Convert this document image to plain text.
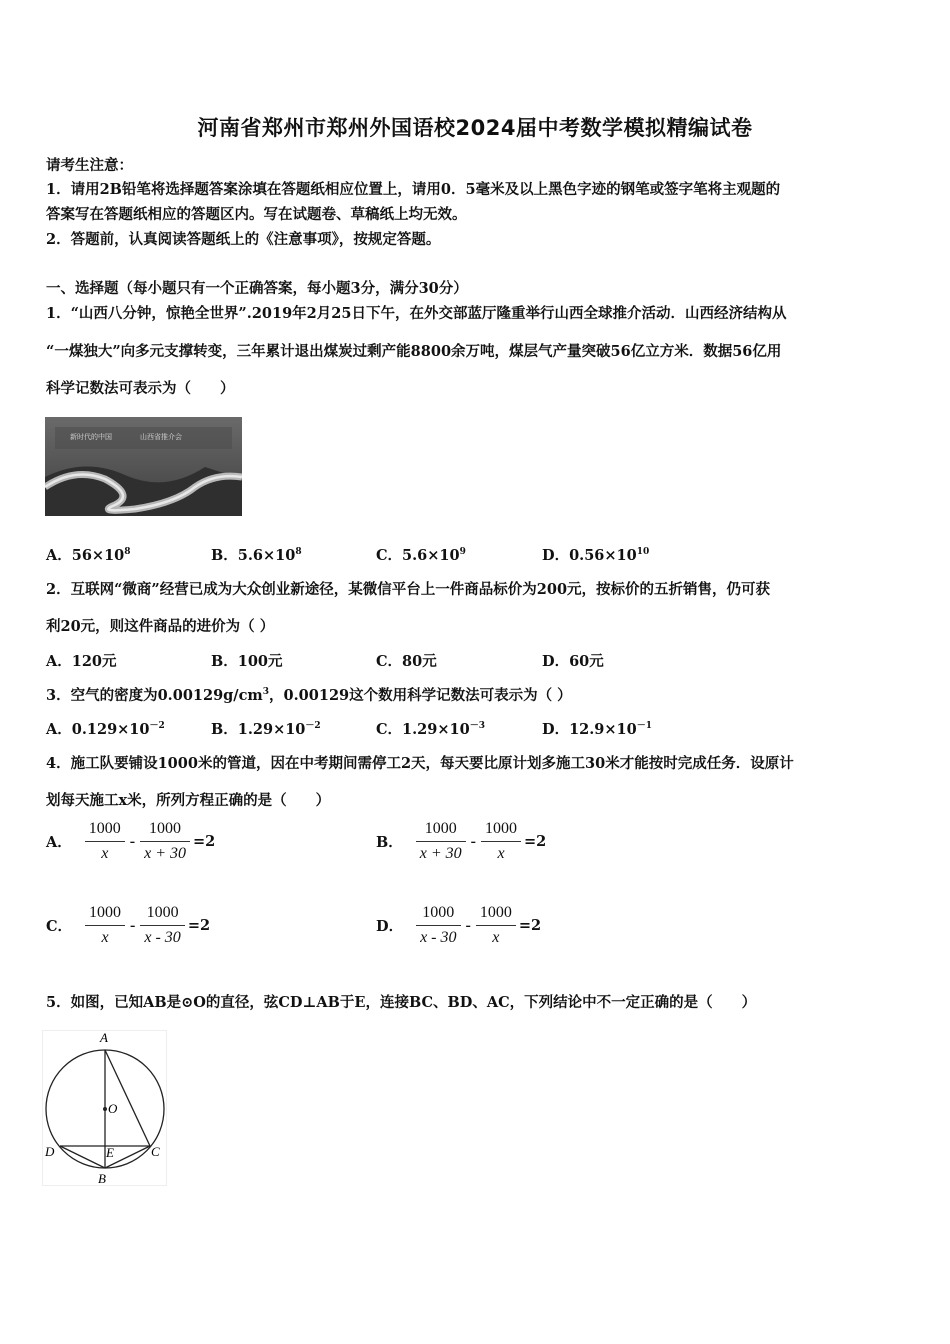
河南省郑州市郑州外国语校2024届中考数学模拟精编试卷
请考生注意：
1．请用2B铅笔将选择题答案涂填在答题纸相应位置上，请用0．5毫米及以上黑色字迹的钢笔或签字笔将主观题的
答案写在答题纸相应的答题区内。写在试题卷、草稿纸上均无效。
2．答题前，认真阅读答题纸上的《注意事项》，按规定答题。
一、选择题（每小题只有一个正确答案，每小题3分，满分30分）
1．“山西八分钟，惊艳全世界”.2019年2月25日下午，在外交部蓝厅隆重举行山西全球推介活动．山西经济结构从
“一煤独大”向多元支撑转变，三年累计退出煤炭过剩产能8800余万吨，煤层气产量突破56亿立方米．数据56亿用
科学记数法可表示为（　　）
新时代的中国	山西省推介会
A．$56\times 10^8$	B．$5.6\times 10^8$	C．$5.6\times 10^9$	D．$0.56\times 10^{10}$
2．互联网“微商”经营已成为大众创业新途径，某微信平台上一件商品标价为200元，按标价的五折销售，仍可获
利20元，则这件商品的进价为（ ）
A．120元	B．100元	C．80元	D．60元
3．空气的密度为$0.00129g/cm^3$，0.00129这个数用科学记数法可表示为（ ）
A．$0.129\times 10^{-2}$	B．$1.29\times 10^{-2}$	C．$1.29\times 10^{-3}$	D．$12.9\times 10^{-1}$
4．施工队要铺设1000米的管道，因在中考期间需停工2天，每天要比原计划多施工30米才能按时完成任务．设原计
划每天施工x米，所列方程正确的是（　　）
A． $\frac{1000}{x} - \frac{1000}{x + 30} =2$	B． $\frac{1000}{x + 30} - \frac{1000}{x} =2$
C． $\frac{1000}{x} - \frac{1000}{x - 30} =2$	D． $\frac{1000}{x - 30} - \frac{1000}{x} =2$
5．如图，已知AB是⊙O的直径，弦CD⊥AB于E，连接BC、BD、AC，下列结论中不一定正确的是（　　）
A
O
D	E	C
B
